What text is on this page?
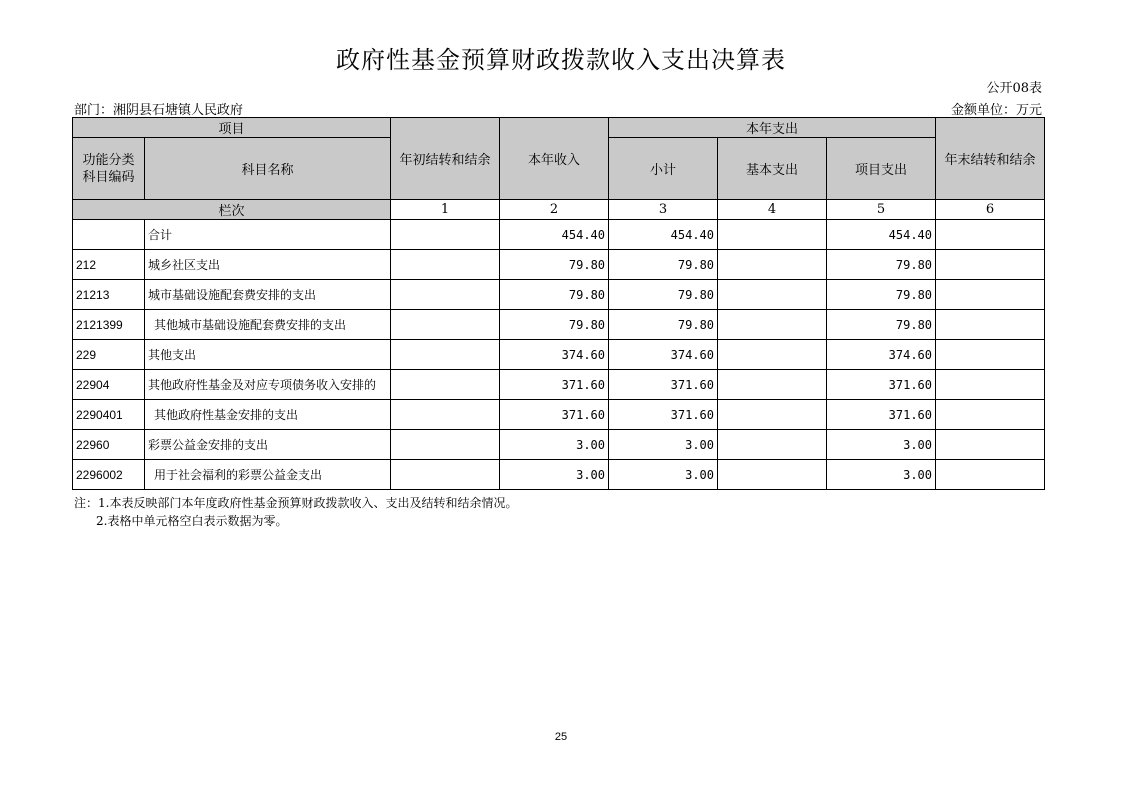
政府性基金预算财政拨款收入支出决算表
公开08表
部门：湘阴县石塘镇人民政府	金额单位：万元
项目		年初结转和结余	本年收入	本年支出			年末结转和结余
功能分类
科目编码	科目名称			小计	基本支出	项目支出	
栏次		1	2	3	4	5	6
	合计		454.40	454.40		454.40	
212	城乡社区支出		79.80	79.80		79.80	
21213	城市基础设施配套费安排的支出		79.80	79.80		79.80	
2121399	其他城市基础设施配套费安排的支出		79.80	79.80		79.80	
229	其他支出		374.60	374.60		374.60	
22904	其他政府性基金及对应专项债务收入安排的		371.60	371.60		371.60	
2290401	其他政府性基金安排的支出		371.60	371.60		371.60	
22960	彩票公益金安排的支出		3.00	3.00		3.00	
2296002	用于社会福利的彩票公益金支出		3.00	3.00		3.00	
注：1.本表反映部门本年度政府性基金预算财政拨款收入、支出及结转和结余情况。
2.表格中单元格空白表示数据为零。
25
